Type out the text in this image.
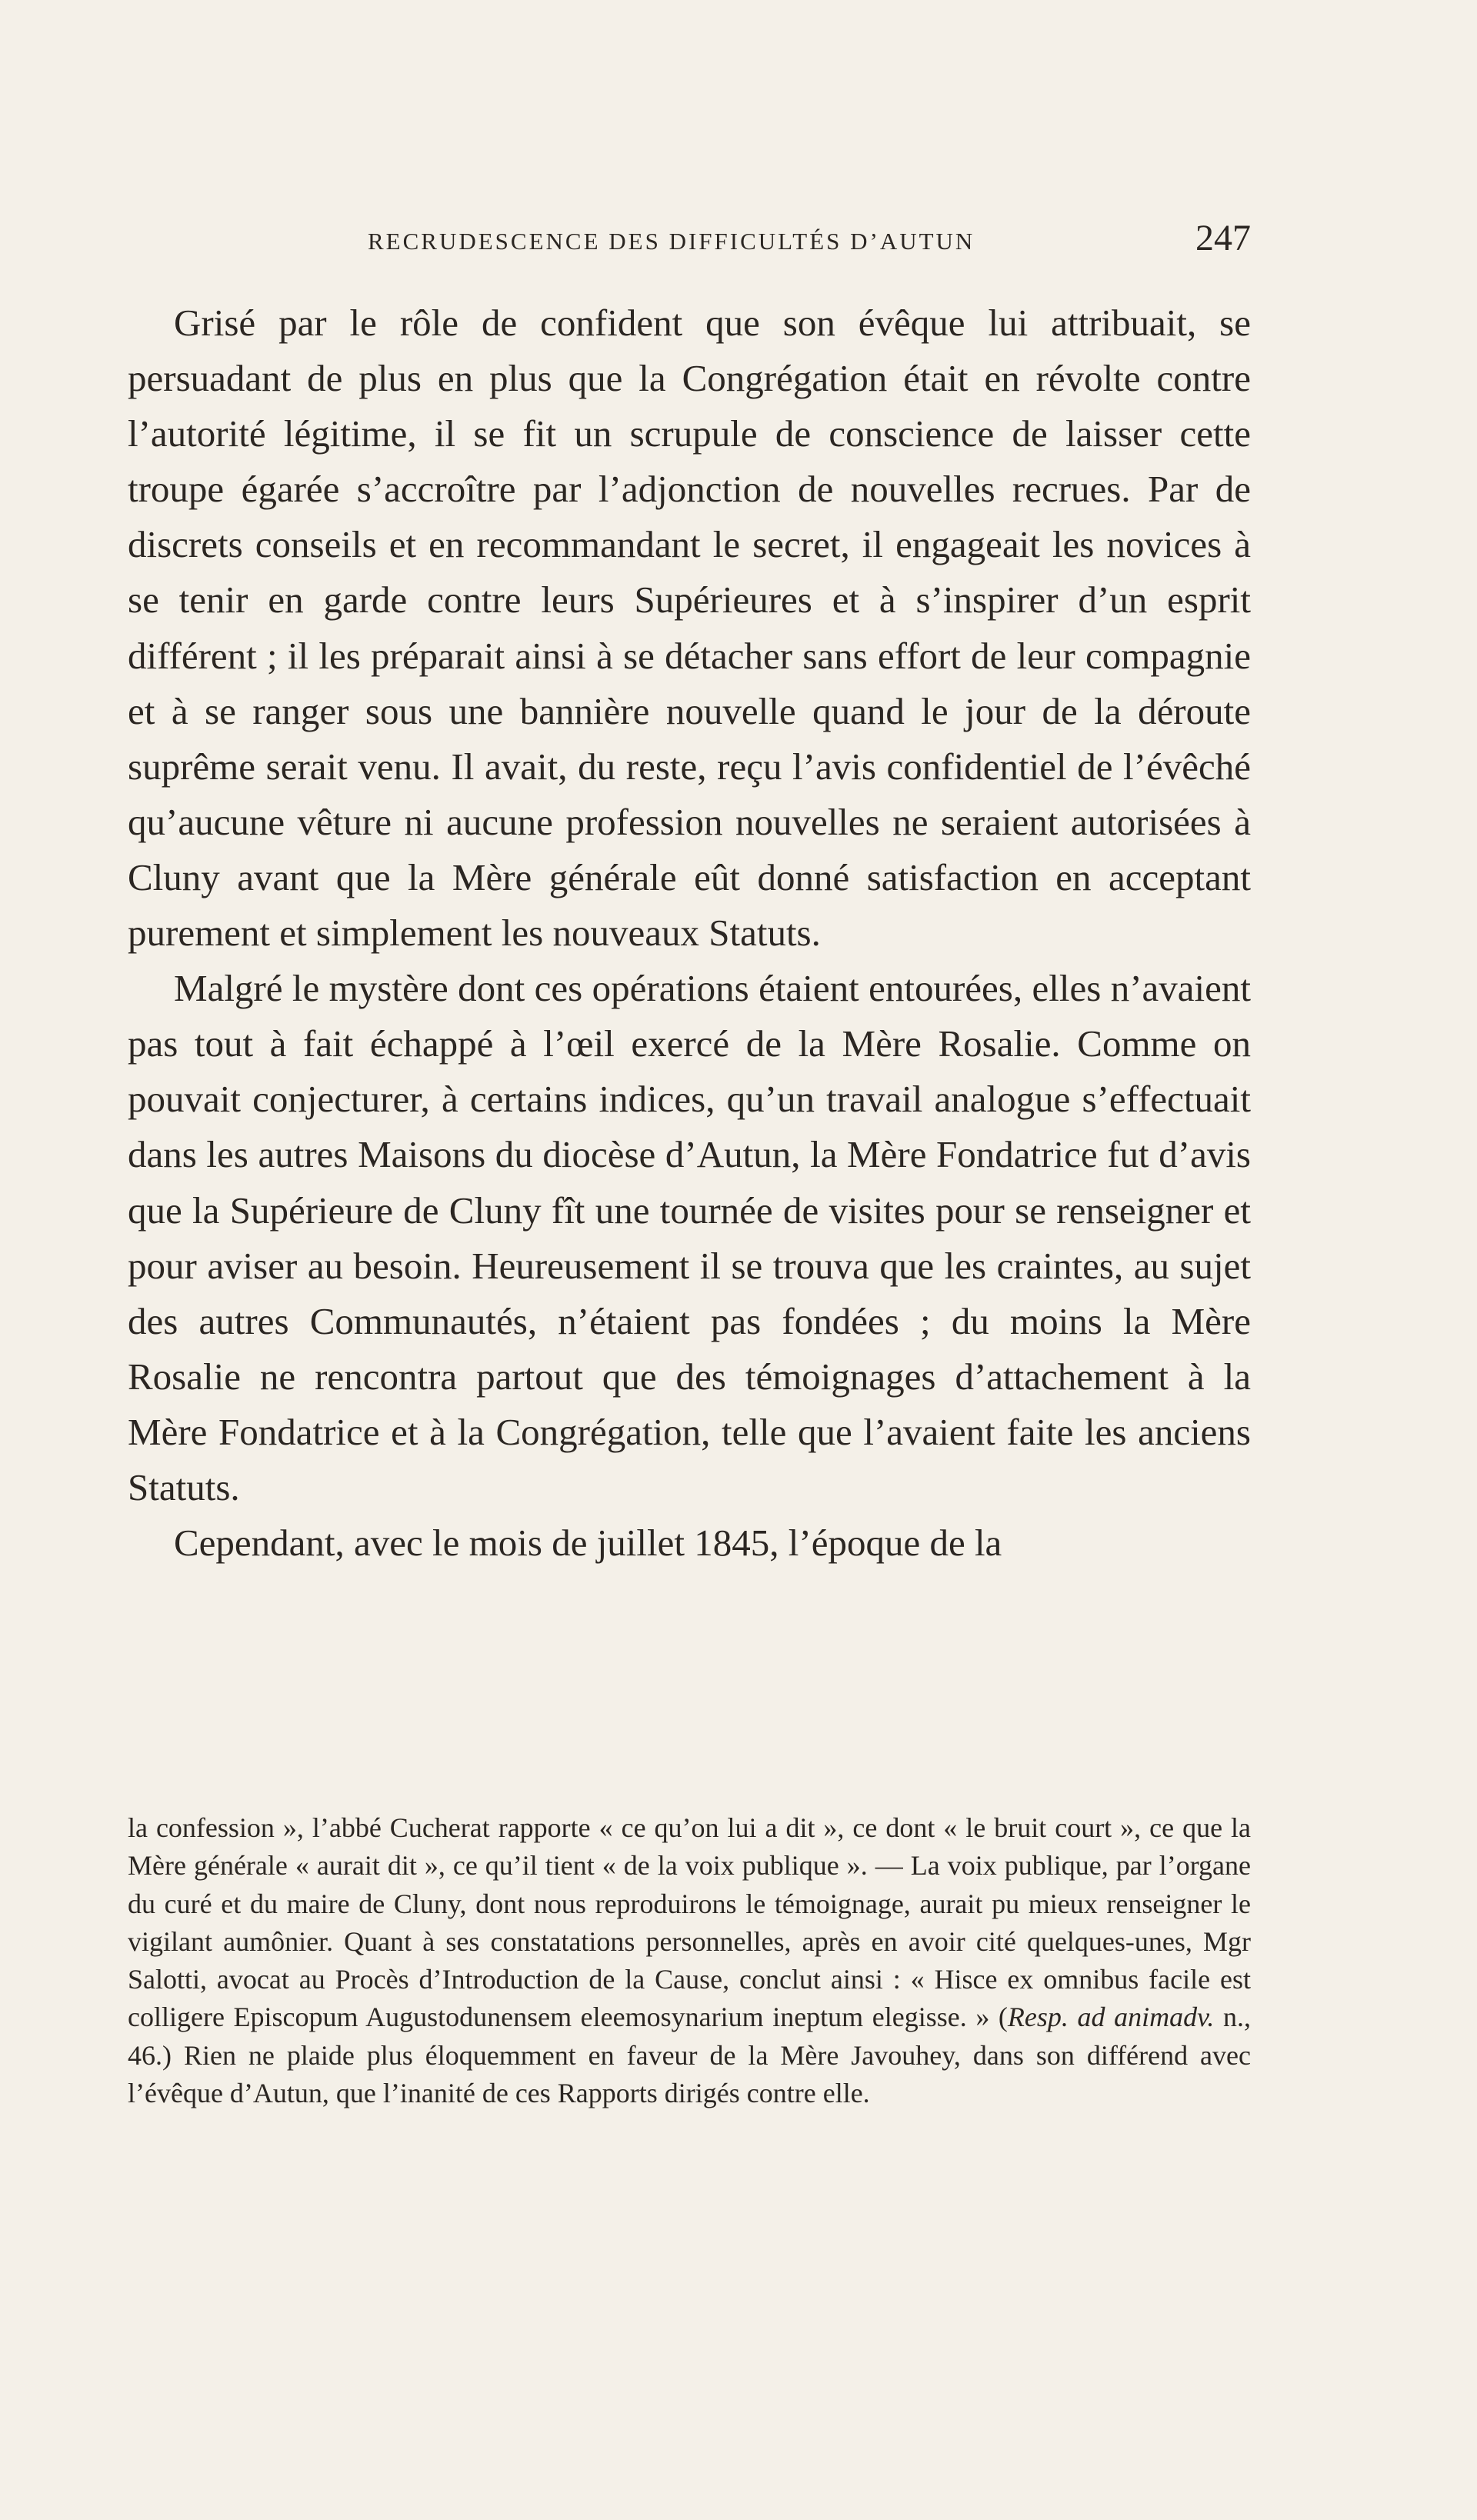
RECRUDESCENCE DES DIFFICULTÉS D’AUTUN	247

Grisé par le rôle de confident que son évêque lui attribuait, se persuadant de plus en plus que la Congrégation était en révolte contre l’autorité légitime, il se fit un scrupule de conscience de laisser cette troupe égarée s’accroître par l’adjonction de nouvelles recrues. Par de discrets conseils et en recommandant le secret, il engageait les novices à se tenir en garde contre leurs Supérieures et à s’inspirer d’un esprit différent ; il les préparait ainsi à se détacher sans effort de leur compagnie et à se ranger sous une bannière nouvelle quand le jour de la déroute suprême serait venu. Il avait, du reste, reçu l’avis confidentiel de l’évêché qu’aucune vêture ni aucune profession nouvelles ne seraient autorisées à Cluny avant que la Mère générale eût donné satisfaction en acceptant purement et simplement les nouveaux Statuts.

Malgré le mystère dont ces opérations étaient entourées, elles n’avaient pas tout à fait échappé à l’œil exercé de la Mère Rosalie. Comme on pouvait conjecturer, à certains indices, qu’un travail analogue s’effectuait dans les autres Maisons du diocèse d’Autun, la Mère Fondatrice fut d’avis que la Supérieure de Cluny fît une tournée de visites pour se renseigner et pour aviser au besoin. Heureusement il se trouva que les craintes, au sujet des autres Communautés, n’étaient pas fondées ; du moins la Mère Rosalie ne rencontra partout que des témoignages d’attachement à la Mère Fondatrice et à la Congrégation, telle que l’avaient faite les anciens Statuts.

Cependant, avec le mois de juillet 1845, l’époque de la

la confession », l’abbé Cucherat rapporte « ce qu’on lui a dit », ce dont « le bruit court », ce que la Mère générale « aurait dit », ce qu’il tient « de la voix publique ». — La voix publique, par l’organe du curé et du maire de Cluny, dont nous reproduirons le témoignage, aurait pu mieux renseigner le vigilant aumônier. Quant à ses constatations personnelles, après en avoir cité quelques-unes, Mgr Salotti, avocat au Procès d’Introduction de la Cause, conclut ainsi : « Hisce ex omnibus facile est colligere Episcopum Augustodunensem eleemosynarium ineptum elegisse. » (Resp. ad animadv. n., 46.) Rien ne plaide plus éloquemment en faveur de la Mère Javouhey, dans son différend avec l’évêque d’Autun, que l’inanité de ces Rapports dirigés contre elle.
